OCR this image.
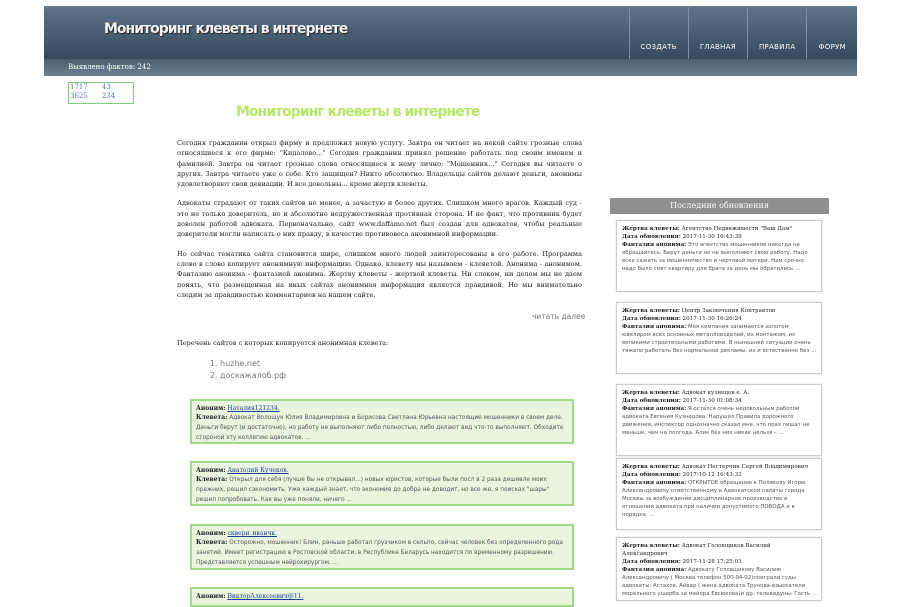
Мониторинг клеветы в интернете
СОЗДАТЬ	ГЛАВНАЯ	ПРАВИЛА	ФОРУМ
Выявлено фактов: 242
1717 43
3625 234
Мониторинг клеветы в интернете

Сегодня гражданин открыл фирму и предложил новую услугу. Завтра он читает на некой сайте грозные слова относящиеся к его фирме: "Кидалово..." Сегодня гражданин принял решение работать под своим именем и фамилией. Завтра он читает грозные слова относящиеся к нему лично: "Мошенник..." Сегодня вы читаете о других. Завтра читаете уже о себе. Кто защищен? Никто абсолютно. Владельцы сайтов делают деньги, анонимы удовлетворяют свои девиации. И все довольны... кроме жертв клеветы.

Адвокаты страдают от таких сайтов не менее, а зачастую и более других. Слишком много врагов. Каждый суд - это не только доверитель, но и абсолютно недружественная противная сторона. И не факт, что противник будет доволен работой адвоката. Первоначально, сайт www.daffamo.net был создан для адвокатов, чтобы реальные доверители могли написать о них правду, в качестве противовеса анонимной информации.

Но сейчас тематика сайта становится шире, слишком много людей заинтересованы в его работе. Программа слово в слово копирует анонимную информацию. Однако, клевету мы называем - клеветой. Анонима - анонимом. Фантазию анонима - фантазией анонима. Жертву клеветы - жертвой клеветы. Ни слоком, ни делом мы не даем понять, что размещенная на иных сайтах анонимная информация является правдивой. Но мы внимательно следим за правдивостью комментариев на нашем сайте.

читать далее
Перечень сайтов с которых копируется анонимная клевета:
1. huzhe.net
2. доскажалоб.рф
Аноним: Наталия121234.
Клевета: Адвокат Волощук Юлия Владимировна и Борисова Светлана Юрьевна настоящие мошенники в своем деле. Деньги берут (и достаточно), но работу не выполняют либо полностью, либо делают вид что-то выполняют. Обходите стороной эту коллегию адвокатов. ...
Аноним: Анатолий Кучеков.
Клевета: Открыл для себя (лучше бы не открывал...) новых юристов, которые были посл в 2 раза дешевле моих прежних, решил сэкономить. Уже каждый знает, что экономия до добра не доводит, но все же, я поисках "шары" решил попробовать. Как вы уже поняли, ничего ...
Аноним: скверн_иванчк.
Клевета: Осторожно, мошенник! Блин, раньше работал грузчиком в сельпо, сейчас человек без определенного рода занятий. Имеет регистрацию в Ростовской области, в Республике Беларусь находится по временному разрешению. Представляется успешным нейрохирургом, ...
Аноним: ВикторАлексеевич@11.
Последние обновления
Жертва клеветы: Агентство Недвижимости "Ваш Дом"
Дата обновления: 2017-11-30 16:43:39
Фантазия анонима: Это агентство мошенников никогда не обращайтесь. Берут деньги но не выполняют свою работу. Надо всех сажать за мошенничество и чертовой матери. Нам срочно надо было снят квартиру для брата за день мы обратились ...
Жертва клеветы: Центр Заключения Контрактов
Дата обновления: 2017-11-30 16:26:24
Фантазия анонима: Моя компания занимается золотом ювелиром всех основных металлоизделий, их монтажом, их великими строительными работами. В нынешней ситуации очень тяжело работать без нормальной рекламы, их и естественно без ...
Жертва клеветы: Адвокат кузнецов е. А.
Дата обновления: 2017-11-30 01:08:34
Фантазия анонима: Я остался очень недовольным работой адвоката Евгения Кузнецова. Нарушил Правила дорожного движения, инспектор однозначно сказал мне, что праз лишат не меньше, чем на полгода. Алик без них никак нельзя – ...
Жертва клеветы: Адвокат Нестерчик Сергей Владимирович
Дата обновления: 2017-10-12 16:43:33
Фантазия анонима: ОТКРЫТОЕ обращение к Полякову Игорю Александровичу ответственному в Адвокатской палаты города Москвы за возбуждение дисциплинарное производство в отношении адвоката при наличии допустимого ПОВОДА и в порядке, ...
Жертва клеветы: Адвокат Головщиков Василий Александрович
Дата обновления: 2017-11-28 17:25:03
Фантазия анонима: Адвокату Головщикову Василию Александровичу ( Москва телефон 500-94-02)поиграли суды адвокаты: Астахов, Айвар ( жена адвоката Трунова-взыскатели морального ущерба за майора Евсюкова)и др. телевидуны. Гость ...
